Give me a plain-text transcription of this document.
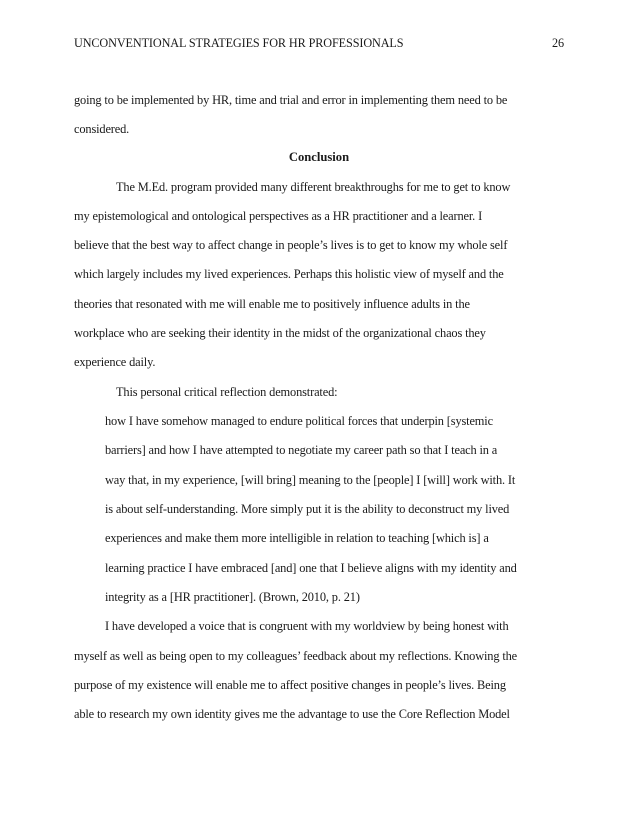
UNCONVENTIONAL STRATEGIES FOR HR PROFESSIONALS	26
going to be implemented by HR, time and trial and error in implementing them need to be
considered.
Conclusion
The M.Ed. program provided many different breakthroughs for me to get to know
my epistemological and ontological perspectives as a HR practitioner and a learner. I
believe that the best way to affect change in people’s lives is to get to know my whole self
which largely includes my lived experiences. Perhaps this holistic view of myself and the
theories that resonated with me will enable me to positively influence adults in the
workplace who are seeking their identity in the midst of the organizational chaos they
experience daily.
This personal critical reflection demonstrated:
how I have somehow managed to endure political forces that underpin [systemic
barriers] and how I have attempted to negotiate my career path so that I teach in a
way that, in my experience, [will bring] meaning to the [people] I [will] work with. It
is about self-understanding. More simply put it is the ability to deconstruct my lived
experiences and make them more intelligible in relation to teaching [which is] a
learning practice I have embraced [and] one that I believe aligns with my identity and
integrity as a [HR practitioner]. (Brown, 2010, p. 21)
I have developed a voice that is congruent with my worldview by being honest with
myself as well as being open to my colleagues’ feedback about my reflections. Knowing the
purpose of my existence will enable me to affect positive changes in people’s lives. Being
able to research my own identity gives me the advantage to use the Core Reflection Model
